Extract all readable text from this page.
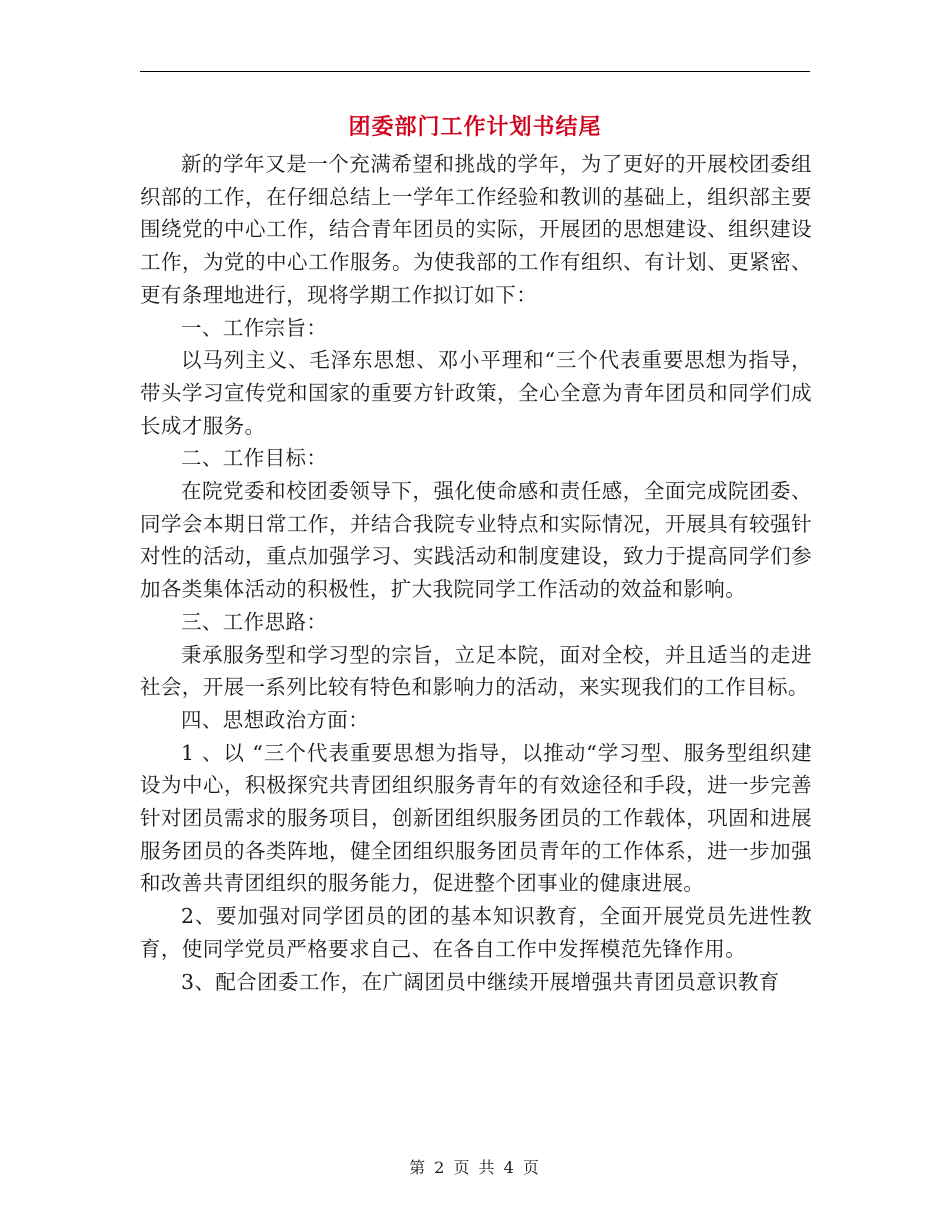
团委部门工作计划书结尾

新的学年又是一个充满希望和挑战的学年，为了更好的开展校团委组织部的工作，在仔细总结上一学年工作经验和教训的基础上，组织部主要围绕党的中心工作，结合青年团员的实际，开展团的思想建设、组织建设工作，为党的中心工作服务。为使我部的工作有组织、有计划、更紧密、更有条理地进行，现将学期工作拟订如下：

一、工作宗旨：

以马列主义、毛泽东思想、邓小平理和“三个代表重要思想为指导，带头学习宣传党和国家的重要方针政策，全心全意为青年团员和同学们成长成才服务。

二、工作目标：

在院党委和校团委领导下，强化使命感和责任感，全面完成院团委、同学会本期日常工作，并结合我院专业特点和实际情况，开展具有较强针对性的活动，重点加强学习、实践活动和制度建设，致力于提高同学们参加各类集体活动的积极性，扩大我院同学工作活动的效益和影响。

三、工作思路：

秉承服务型和学习型的宗旨，立足本院，面对全校，并且适当的走进社会，开展一系列比较有特色和影响力的活动，来实现我们的工作目标。

四、思想政治方面：

1 、以 “三个代表重要思想为指导，以推动“学习型、服务型组织建设为中心，积极探究共青团组织服务青年的有效途径和手段，进一步完善针对团员需求的服务项目，创新团组织服务团员的工作载体，巩固和进展服务团员的各类阵地，健全团组织服务团员青年的工作体系，进一步加强和改善共青团组织的服务能力，促进整个团事业的健康进展。

2、要加强对同学团员的团的基本知识教育，全面开展党员先进性教育，使同学党员严格要求自己、在各自工作中发挥模范先锋作用。

3、配合团委工作，在广阔团员中继续开展增强共青团员意识教育

第 2 页 共 4 页
